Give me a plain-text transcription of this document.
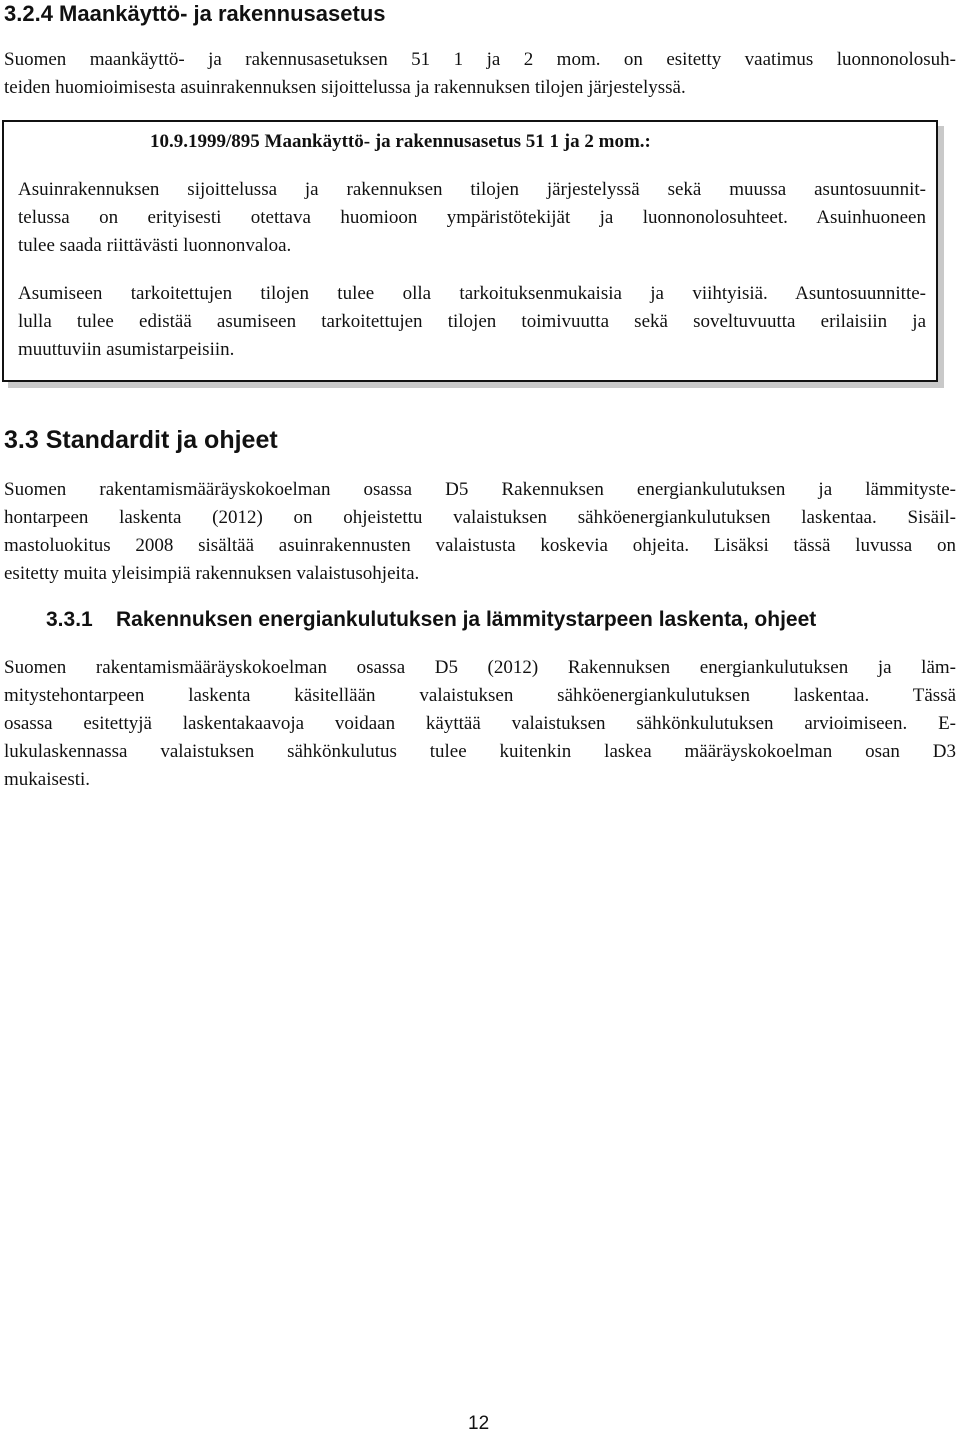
3.2.4 Maankäyttö- ja rakennusasetus
Suomen maankäyttö- ja rakennusasetuksen 51 1 ja 2 mom. on esitetty vaatimus luonnonolosuh-
teiden huomioimisesta asuinrakennuksen sijoittelussa ja rakennuksen tilojen järjestelyssä.
10.9.1999/895 Maankäyttö- ja rakennusasetus 51 1 ja 2 mom.:
Asuinrakennuksen sijoittelussa ja rakennuksen tilojen järjestelyssä sekä muussa asuntosuunnit-
telussa on erityisesti otettava huomioon ympäristötekijät ja luonnonolosuhteet. Asuinhuoneen
tulee saada riittävästi luonnonvaloa.
Asumiseen tarkoitettujen tilojen tulee olla tarkoituksenmukaisia ja viihtyisiä. Asuntosuunnitte-
lulla tulee edistää asumiseen tarkoitettujen tilojen toimivuutta sekä soveltuvuutta erilaisiin ja
muuttuviin asumistarpeisiin.
3.3 Standardit ja ohjeet
Suomen rakentamismääräyskokoelman osassa D5 Rakennuksen energiankulutuksen ja lämmityste-
hontarpeen laskenta (2012) on ohjeistettu valaistuksen sähköenergiankulutuksen laskentaa. Sisäil-
mastoluokitus 2008 sisältää asuinrakennusten valaistusta koskevia ohjeita. Lisäksi tässä luvussa on
esitetty muita yleisimpiä rakennuksen valaistusohjeita.
3.3.1 Rakennuksen energiankulutuksen ja lämmitystarpeen laskenta, ohjeet
Suomen rakentamismääräyskokoelman osassa D5 (2012) Rakennuksen energiankulutuksen ja läm-
mitystehontarpeen laskenta käsitellään valaistuksen sähköenergiankulutuksen laskentaa. Tässä
osassa esitettyjä laskentakaavoja voidaan käyttää valaistuksen sähkönkulutuksen arvioimiseen. E-
lukulaskennassa valaistuksen sähkönkulutus tulee kuitenkin laskea määräyskokoelman osan D3
mukaisesti.
12
